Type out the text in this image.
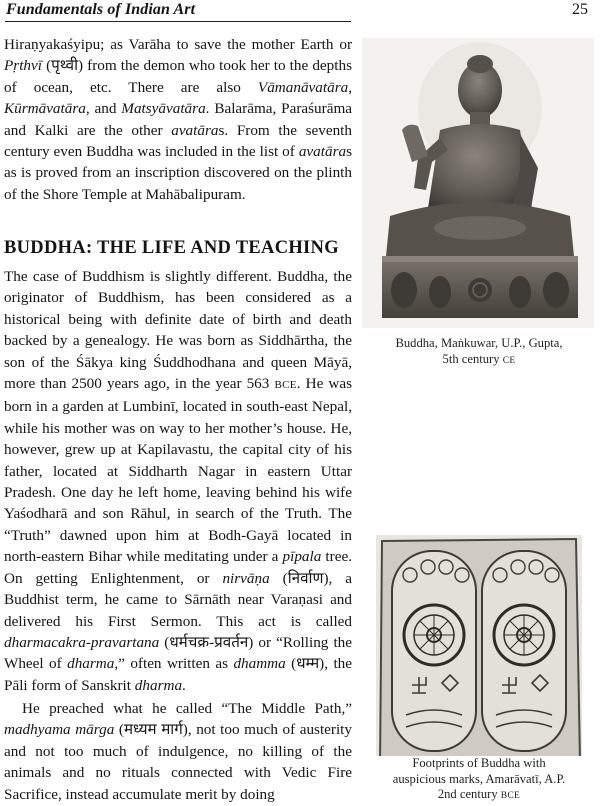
Fundamentals of Indian Art	25

Hiraṇyakaśyipu; as Varāha to save the mother Earth or Pṛthvī (पृथ्वी) from the demon who took her to the depths of ocean, etc. There are also Vāmanāvatāra, Kūrmāvatāra, and Matsyāvatāra. Balarāma, Paraśurāma and Kalki are the other avatāras. From the seventh century even Buddha was included in the list of avatāras as is proved from an inscription discovered on the plinth of the Shore Temple at Mahābalipuram.

BUDDHA: THE LIFE AND TEACHING

The case of Buddhism is slightly different. Buddha, the originator of Buddhism, has been considered as a historical being with definite date of birth and death backed by a genealogy. He was born as Siddhārtha, the son of the Śākya king Śuddhodhana and queen Māyā, more than 2500 years ago, in the year 563 BCE. He was born in a garden at Lumbinī, located in south-east Nepal, while his mother was on way to her mother’s house. He, however, grew up at Kapilavastu, the capital city of his father, located at Siddharth Nagar in eastern Uttar Pradesh. One day he left home, leaving behind his wife Yaśodharā and son Rāhul, in search of the Truth. The “Truth” dawned upon him at Bodh-Gayā located in north-eastern Bihar while meditating under a pīpala tree. On getting Enlightenment, or nirvāṇa (निर्वाण), a Buddhist term, he came to Sārnāth near Varaṇasi and delivered his First Sermon. This act is called dharmacakra-pravartana (धर्मचक्र-प्रवर्तन) or “Rolling the Wheel of dharma,” often written as dhamma (धम्म), the Pāli form of Sanskrit dharma.

He preached what he called “The Middle Path,” madhyama mārga (मध्यम मार्ग), not too much of austerity and not too much of indulgence, no killing of the animals and no rituals connected with Vedic Fire Sacrifice, instead accumulate merit by doing

Buddha, Maṅkuwar, U.P., Gupta,
5th century CE
Footprints of Buddha with
auspicious marks, Amarāvatī, A.P.
2nd century BCE
